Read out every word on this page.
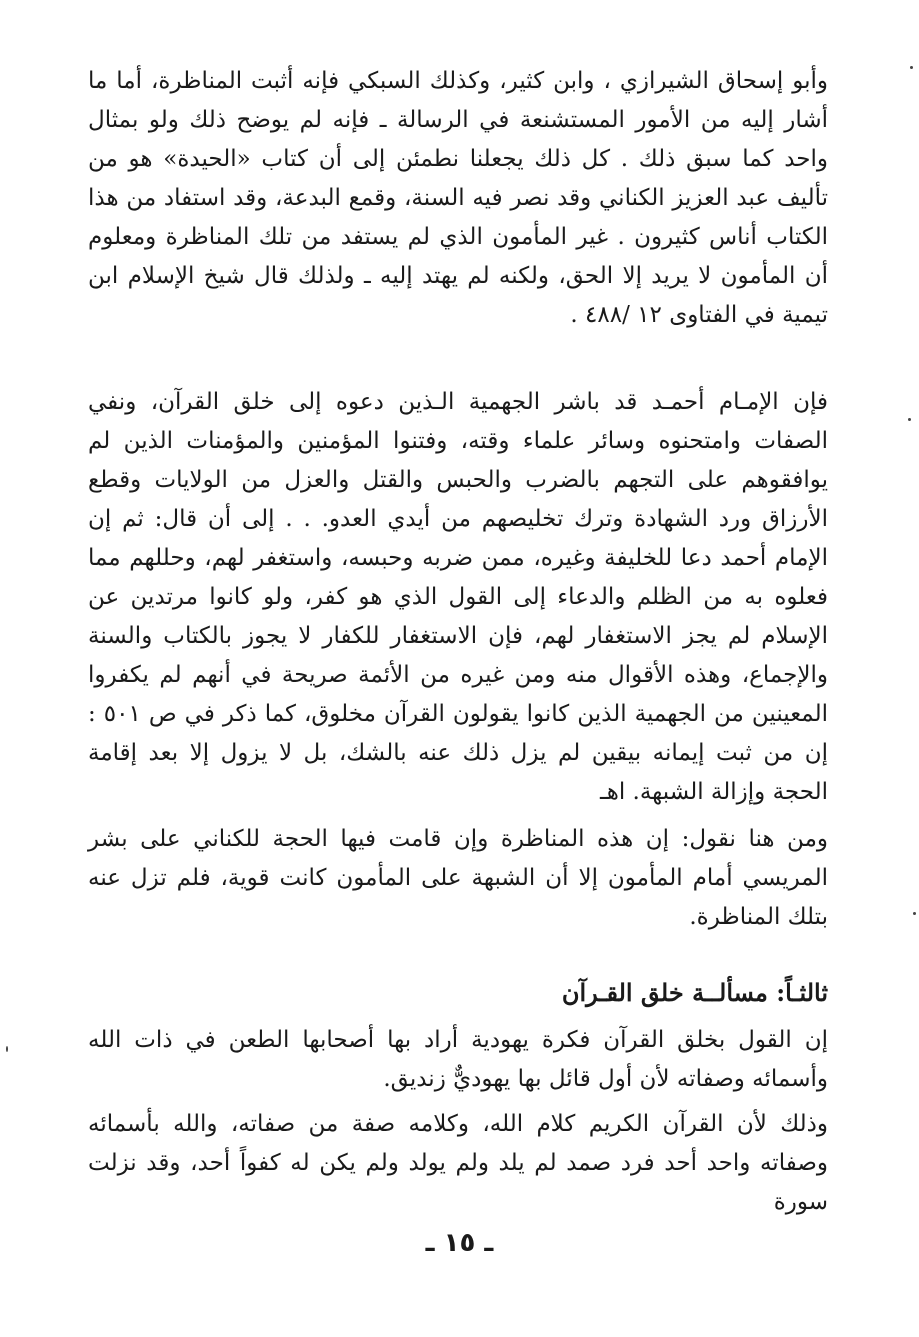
وأبو إسحاق الشيرازي ، وابن كثير، وكذلك السبكي فإنه أثبت المناظرة، أما ما أشار إليه من الأمور المستشنعة في الرسالة ـ فإنه لم يوضح ذلك ولو بمثال واحد كما سبق ذلك . كل ذلك يجعلنا نطمئن إلى أن كتاب «الحيدة» هو من تأليف عبد العزيز الكناني وقد نصر فيه السنة، وقمع البدعة، وقد استفاد من هذا الكتاب أناس كثيرون . غير المأمون الذي لم يستفد من تلك المناظرة ومعلوم أن المأمون لا يريد إلا الحق، ولكنه لم يهتد إليه ـ ولذلك قال شيخ الإسلام ابن تيمية في الفتاوى ١٢ /٤٨٨ .

فإن الإمـام أحمـد قد باشر الجهمية الـذين دعوه إلى خلق القرآن، ونفي الصفات وامتحنوه وسائر علماء وقته، وفتنوا المؤمنين والمؤمنات الذين لم يوافقوهم على التجهم بالضرب والحبس والقتل والعزل من الولايات وقطع الأرزاق ورد الشهادة وترك تخليصهم من أيدي العدو. . . إلى أن قال: ثم إن الإمام أحمد دعا للخليفة وغيره، ممن ضربه وحبسه، واستغفر لهم، وحللهم مما فعلوه به من الظلم والدعاء إلى القول الذي هو كفر، ولو كانوا مرتدين عن الإسلام لم يجز الاستغفار لهم، فإن الاستغفار للكفار لا يجوز بالكتاب والسنة والإجماع، وهذه الأقوال منه ومن غيره من الأئمة صريحة في أنهم لم يكفروا المعينين من الجهمية الذين كانوا يقولون القرآن مخلوق، كما ذكر في ص ٥٠١ : إن من ثبت إيمانه بيقين لم يزل ذلك عنه بالشك، بل لا يزول إلا بعد إقامة الحجة وإزالة الشبهة. اهـ

ومن هنا نقول: إن هذه المناظرة وإن قامت فيها الحجة للكناني على بشر المريسي أمام المأمون إلا أن الشبهة على المأمون كانت قوية، فلم تزل عنه بتلك المناظرة.

ثالثـاً: مسألــة خلق القـرآن

إن القول بخلق القرآن فكرة يهودية أراد بها أصحابها الطعن في ذات الله وأسمائه وصفاته لأن أول قائل بها يهوديٌّ زنديق.

وذلك لأن القرآن الكريم كلام الله، وكلامه صفة من صفاته، والله بأسمائه وصفاته واحد أحد فرد صمد لم يلد ولم يولد ولم يكن له كفواً أحد، وقد نزلت سورة

ـ ١٥ ـ
